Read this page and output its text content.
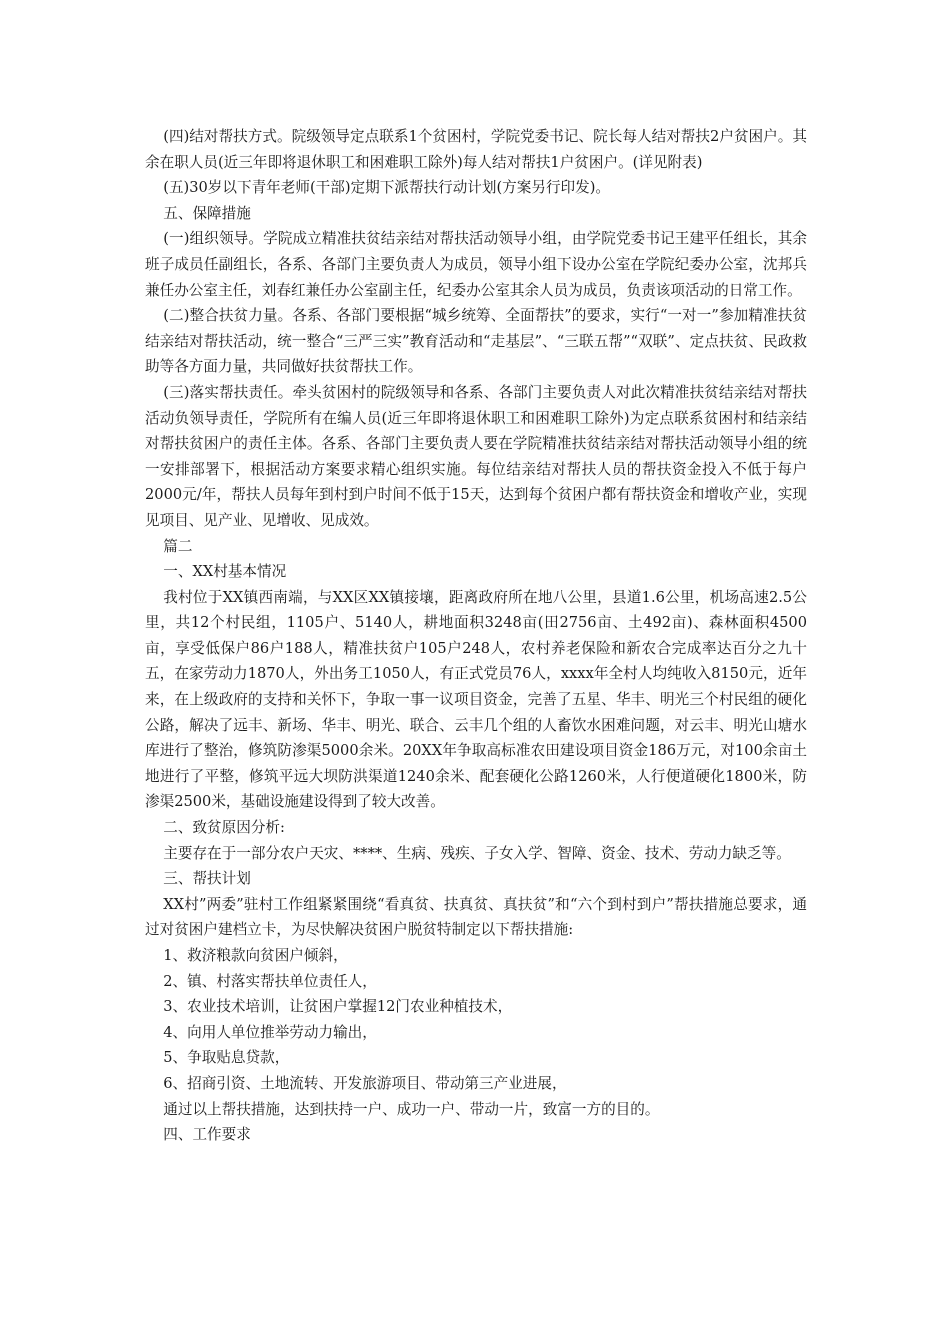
(四)结对帮扶方式。院级领导定点联系1个贫困村，学院党委书记、院长每人结对帮扶2户贫困户。其余在职人员(近三年即将退休职工和困难职工除外)每人结对帮扶1户贫困户。(详见附表)

(五)30岁以下青年老师(干部)定期下派帮扶行动计划(方案另行印发)。

五、保障措施

(一)组织领导。学院成立精准扶贫结亲结对帮扶活动领导小组，由学院党委书记王建平任组长，其余班子成员任副组长，各系、各部门主要负责人为成员，领导小组下设办公室在学院纪委办公室，沈邦兵兼任办公室主任，刘春红兼任办公室副主任，纪委办公室其余人员为成员，负责该项活动的日常工作。

(二)整合扶贫力量。各系、各部门要根据“城乡统筹、全面帮扶”的要求，实行“一对一”参加精准扶贫结亲结对帮扶活动，统一整合“三严三实”教育活动和“走基层”、“三联五帮”“双联”、定点扶贫、民政救助等各方面力量，共同做好扶贫帮扶工作。

(三)落实帮扶责任。牵头贫困村的院级领导和各系、各部门主要负责人对此次精准扶贫结亲结对帮扶活动负领导责任，学院所有在编人员(近三年即将退休职工和困难职工除外)为定点联系贫困村和结亲结对帮扶贫困户的责任主体。各系、各部门主要负责人要在学院精准扶贫结亲结对帮扶活动领导小组的统一安排部署下，根据活动方案要求精心组织实施。每位结亲结对帮扶人员的帮扶资金投入不低于每户2000元/年，帮扶人员每年到村到户时间不低于15天，达到每个贫困户都有帮扶资金和增收产业，实现见项目、见产业、见增收、见成效。

篇二

一、XX村基本情况

我村位于XX镇西南端，与XX区XX镇接壤，距离政府所在地八公里，县道1.6公里，机场高速2.5公里，共12个村民组，1105户、5140人，耕地面积3248亩(田2756亩、土492亩)、森林面积4500亩，享受低保户86户188人，精准扶贫户105户248人，农村养老保险和新农合完成率达百分之九十五，在家劳动力1870人，外出务工1050人，有正式党员76人，xxxx年全村人均纯收入8150元，近年来，在上级政府的支持和关怀下，争取一事一议项目资金，完善了五星、华丰、明光三个村民组的硬化公路，解决了远丰、新场、华丰、明光、联合、云丰几个组的人畜饮水困难问题，对云丰、明光山塘水库进行了整治，修筑防渗渠5000余米。20XX年争取高标准农田建设项目资金186万元，对100余亩土地进行了平整，修筑平远大坝防洪渠道1240余米、配套硬化公路1260米，人行便道硬化1800米，防渗渠2500米，基础设施建设得到了较大改善。

二、致贫原因分析:

主要存在于一部分农户天灾、****、生病、残疾、子女入学、智障、资金、技术、劳动力缺乏等。

三、帮扶计划

XX村”两委”驻村工作组紧紧围绕“看真贫、扶真贫、真扶贫”和“六个到村到户”帮扶措施总要求，通过对贫困户建档立卡，为尽快解决贫困户脱贫特制定以下帮扶措施:

1、救济粮款向贫困户倾斜，

2、镇、村落实帮扶单位责任人，

3、农业技术培训，让贫困户掌握12门农业种植技术，

4、向用人单位推举劳动力输出，

5、争取贴息贷款，

6、招商引资、土地流转、开发旅游项目、带动第三产业进展，

通过以上帮扶措施，达到扶持一户、成功一户、带动一片，致富一方的目的。

四、工作要求
